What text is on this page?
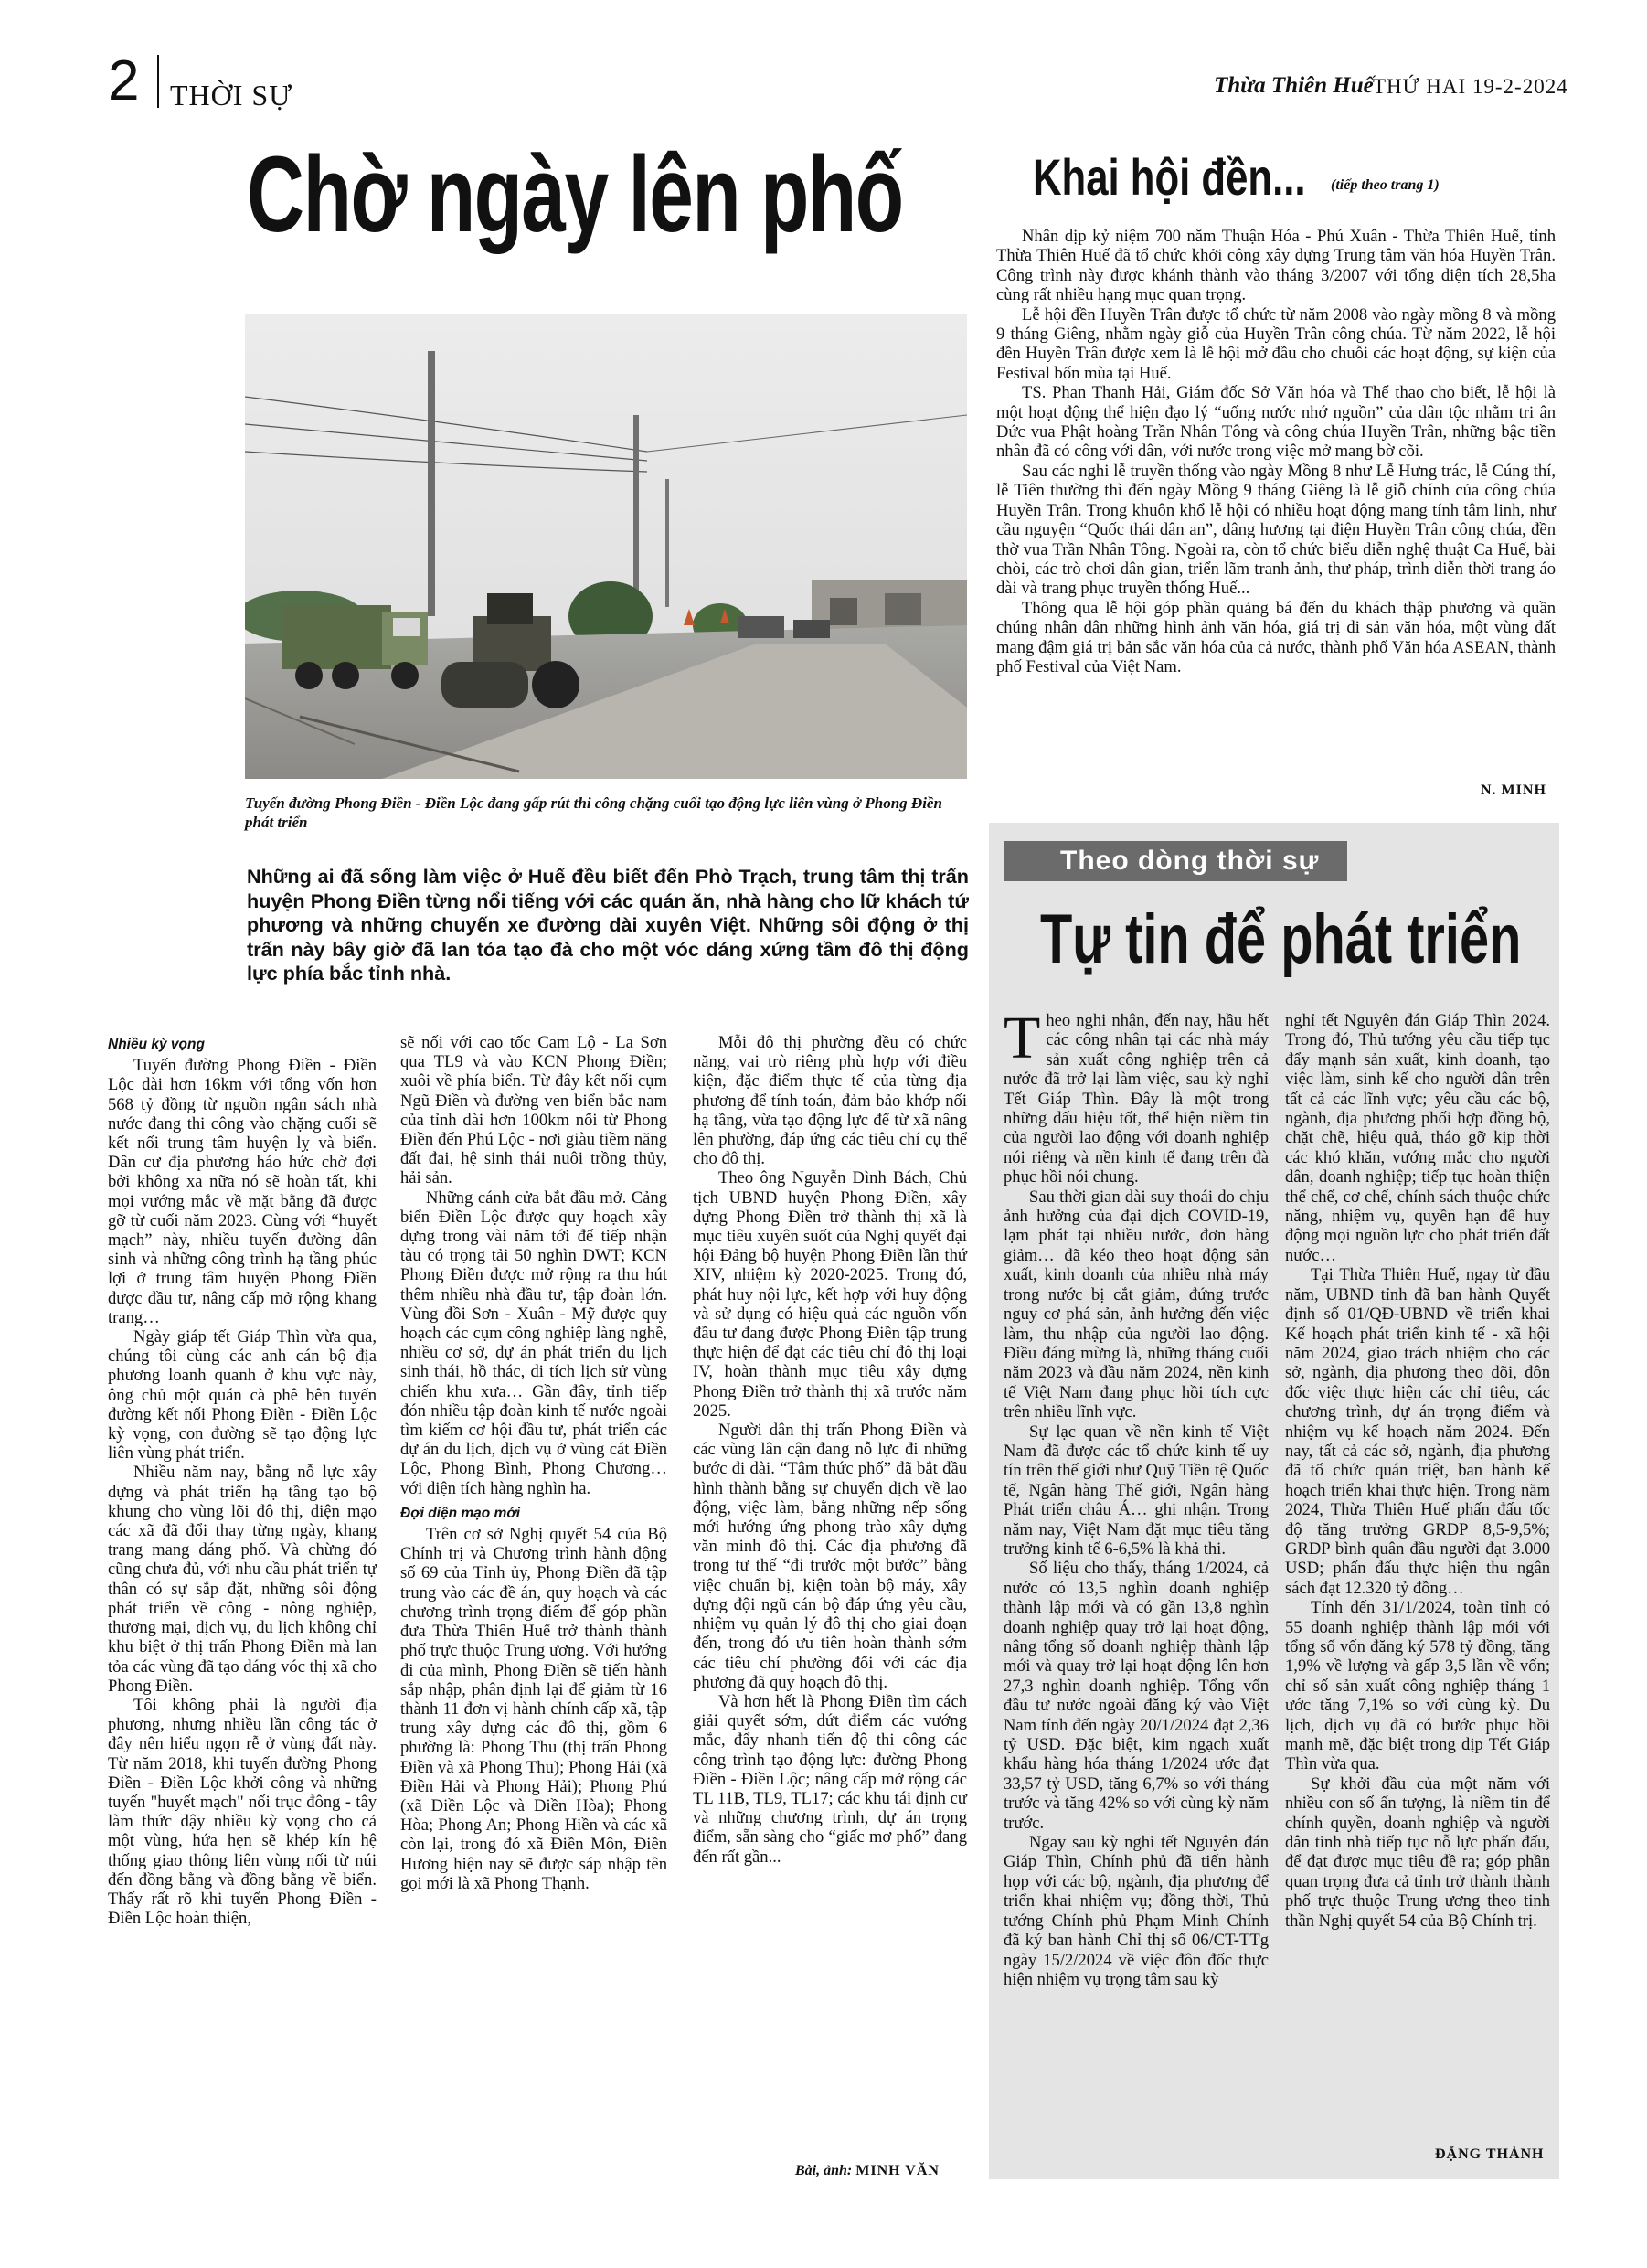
2 THỜI SỰ	Thừa Thiên Huế THỨ HAI 19-2-2024
Chờ ngày lên phố
Tuyến đường Phong Điền - Điền Lộc đang gấp rút thi công chặng cuối tạo động lực liên vùng ở Phong Điền phát triển
Những ai đã sống làm việc ở Huế đều biết đến Phò Trạch, trung tâm thị trấn huyện Phong Điền từng nổi tiếng với các quán ăn, nhà hàng cho lữ khách tứ phương và những chuyến xe đường dài xuyên Việt. Những sôi động ở thị trấn này bây giờ đã lan tỏa tạo đà cho một vóc dáng xứng tầm đô thị động lực phía bắc tỉnh nhà.

Nhiều kỳ vọng

Tuyến đường Phong Điền - Điền Lộc dài hơn 16km với tổng vốn hơn 568 tỷ đồng từ nguồn ngân sách nhà nước đang thi công vào chặng cuối sẽ kết nối trung tâm huyện lỵ và biển. Dân cư địa phương háo hức chờ đợi bởi không xa nữa nó sẽ hoàn tất, khi mọi vướng mắc về mặt bằng đã được gỡ từ cuối năm 2023. Cùng với “huyết mạch” này, nhiều tuyến đường dân sinh và những công trình hạ tầng phúc lợi ở trung tâm huyện Phong Điền được đầu tư, nâng cấp mở rộng khang trang…

Ngày giáp tết Giáp Thìn vừa qua, chúng tôi cùng các anh cán bộ địa phương loanh quanh ở khu vực này, ông chủ một quán cà phê bên tuyến đường kết nối Phong Điền - Điền Lộc kỳ vọng, con đường sẽ tạo động lực liên vùng phát triển.

Nhiều năm nay, bằng nỗ lực xây dựng và phát triển hạ tầng tạo bộ khung cho vùng lõi đô thị, diện mạo các xã đã đổi thay từng ngày, khang trang mang dáng phố. Và chừng đó cũng chưa đủ, với nhu cầu phát triển tự thân có sự sắp đặt, những sôi động phát triển về công - nông nghiệp, thương mại, dịch vụ, du lịch không chỉ khu biệt ở thị trấn Phong Điền mà lan tỏa các vùng đã tạo dáng vóc thị xã cho Phong Điền.

Tôi không phải là người địa phương, nhưng nhiều lần công tác ở đây nên hiểu ngọn rễ ở vùng đất này. Từ năm 2018, khi tuyến đường Phong Điền - Điền Lộc khởi công và những tuyến "huyết mạch" nối trục đông - tây làm thức dậy nhiều kỳ vọng cho cả một vùng, hứa hẹn sẽ khép kín hệ thống giao thông liên vùng nối từ núi đến đồng bằng và đồng bằng về biển. Thấy rất rõ khi tuyến Phong Điền - Điền Lộc hoàn thiện,

sẽ nối với cao tốc Cam Lộ - La Sơn qua TL9 và vào KCN Phong Điền; xuôi về phía biển. Từ đây kết nối cụm Ngũ Điền và đường ven biển bắc nam của tỉnh dài hơn 100km nối từ Phong Điền đến Phú Lộc - nơi giàu tiềm năng đất đai, hệ sinh thái nuôi trồng thủy, hải sản.

Những cánh cửa bắt đầu mở. Cảng biển Điền Lộc được quy hoạch xây dựng trong vài năm tới để tiếp nhận tàu có trọng tải 50 nghìn DWT; KCN Phong Điền được mở rộng ra thu hút thêm nhiều nhà đầu tư, tập đoàn lớn. Vùng đồi Sơn - Xuân - Mỹ được quy hoạch các cụm công nghiệp làng nghề, nhiều cơ sở, dự án phát triển du lịch sinh thái, hồ thác, di tích lịch sử vùng chiến khu xưa… Gần đây, tỉnh tiếp đón nhiều tập đoàn kinh tế nước ngoài tìm kiếm cơ hội đầu tư, phát triển các dự án du lịch, dịch vụ ở vùng cát Điền Lộc, Phong Bình, Phong Chương… với diện tích hàng nghìn ha.

Đợi diện mạo mới

Trên cơ sở Nghị quyết 54 của Bộ Chính trị và Chương trình hành động số 69 của Tỉnh ủy, Phong Điền đã tập trung vào các đề án, quy hoạch và các chương trình trọng điểm để góp phần đưa Thừa Thiên Huế trở thành thành phố trực thuộc Trung ương. Với hướng đi của mình, Phong Điền sẽ tiến hành sắp nhập, phân định lại để giảm từ 16 thành 11 đơn vị hành chính cấp xã, tập trung xây dựng các đô thị, gồm 6 phường là: Phong Thu (thị trấn Phong Điền và xã Phong Thu); Phong Hải (xã Điền Hải và Phong Hải); Phong Phú (xã Điền Lộc và Điền Hòa); Phong Hòa; Phong An; Phong Hiền và các xã còn lại, trong đó xã Điền Môn, Điền Hương hiện nay sẽ được sáp nhập tên gọi mới là xã Phong Thạnh.

Mỗi đô thị phường đều có chức năng, vai trò riêng phù hợp với điều kiện, đặc điểm thực tế của từng địa phương để tính toán, đảm bảo khớp nối hạ tầng, vừa tạo động lực để từ xã nâng lên phường, đáp ứng các tiêu chí cụ thể cho đô thị.

Theo ông Nguyễn Đình Bách, Chủ tịch UBND huyện Phong Điền, xây dựng Phong Điền trở thành thị xã là mục tiêu xuyên suốt của Nghị quyết đại hội Đảng bộ huyện Phong Điền lần thứ XIV, nhiệm kỳ 2020-2025. Trong đó, phát huy nội lực, kết hợp với huy động và sử dụng có hiệu quả các nguồn vốn đầu tư đang được Phong Điền tập trung thực hiện để đạt các tiêu chí đô thị loại IV, hoàn thành mục tiêu xây dựng Phong Điền trở thành thị xã trước năm 2025.

Người dân thị trấn Phong Điền và các vùng lân cận đang nỗ lực đi những bước đi dài. “Tâm thức phố” đã bắt đầu hình thành bằng sự chuyển dịch về lao động, việc làm, bằng những nếp sống mới hướng ứng phong trào xây dựng văn minh đô thị. Các địa phương đã trong tư thế “đi trước một bước” bằng việc chuẩn bị, kiện toàn bộ máy, xây dựng đội ngũ cán bộ đáp ứng yêu cầu, nhiệm vụ quản lý đô thị cho giai đoạn đến, trong đó ưu tiên hoàn thành sớm các tiêu chí phường đối với các địa phương đã quy hoạch đô thị.

Và hơn hết là Phong Điền tìm cách giải quyết sớm, dứt điểm các vướng mắc, đẩy nhanh tiến độ thi công các công trình tạo động lực: đường Phong Điền - Điền Lộc; nâng cấp mở rộng các TL 11B, TL9, TL17; các khu tái định cư và những chương trình, dự án trọng điểm, sẵn sàng cho “giấc mơ phố” đang đến rất gần...

Bài, ảnh: MINH VĂN
Khai hội đền... (tiếp theo trang 1)

Nhân dịp kỷ niệm 700 năm Thuận Hóa - Phú Xuân - Thừa Thiên Huế, tỉnh Thừa Thiên Huế đã tổ chức khởi công xây dựng Trung tâm văn hóa Huyền Trân. Công trình này được khánh thành vào tháng 3/2007 với tổng diện tích 28,5ha cùng rất nhiều hạng mục quan trọng.

Lễ hội đền Huyền Trân được tổ chức từ năm 2008 vào ngày mồng 8 và mồng 9 tháng Giêng, nhằm ngày giỗ của Huyền Trân công chúa. Từ năm 2022, lễ hội đền Huyền Trân được xem là lễ hội mở đầu cho chuỗi các hoạt động, sự kiện của Festival bốn mùa tại Huế.

TS. Phan Thanh Hải, Giám đốc Sở Văn hóa và Thể thao cho biết, lễ hội là một hoạt động thể hiện đạo lý “uống nước nhớ nguồn” của dân tộc nhằm tri ân Đức vua Phật hoàng Trần Nhân Tông và công chúa Huyền Trân, những bậc tiền nhân đã có công với dân, với nước trong việc mở mang bờ cõi.

Sau các nghi lễ truyền thống vào ngày Mồng 8 như Lễ Hưng trác, lễ Cúng thí, lễ Tiên thường thì đến ngày Mồng 9 tháng Giêng là lễ giỗ chính của công chúa Huyền Trân. Trong khuôn khổ lễ hội có nhiều hoạt động mang tính tâm linh, như cầu nguyện “Quốc thái dân an”, dâng hương tại điện Huyền Trân công chúa, đền thờ vua Trần Nhân Tông. Ngoài ra, còn tổ chức biểu diễn nghệ thuật Ca Huế, bài chòi, các trò chơi dân gian, triển lãm tranh ảnh, thư pháp, trình diễn thời trang áo dài và trang phục truyền thống Huế...

Thông qua lễ hội góp phần quảng bá đến du khách thập phương và quần chúng nhân dân những hình ảnh văn hóa, giá trị di sản văn hóa, một vùng đất mang đậm giá trị bản sắc văn hóa của cả nước, thành phố Văn hóa ASEAN, thành phố Festival của Việt Nam.

N. MINH
Theo dòng thời sự
Tự tin để phát triển

Theo nghi nhận, đến nay, hầu hết các công nhân tại các nhà máy sản xuất công nghiệp trên cả nước đã trở lại làm việc, sau kỳ nghỉ Tết Giáp Thìn. Đây là một trong những dấu hiệu tốt, thể hiện niềm tin của người lao động với doanh nghiệp nói riêng và nền kinh tế đang trên đà phục hồi nói chung.

Sau thời gian dài suy thoái do chịu ảnh hưởng của đại dịch COVID-19, lạm phát tại nhiều nước, đơn hàng giảm… đã kéo theo hoạt động sản xuất, kinh doanh của nhiều nhà máy trong nước bị cắt giảm, đứng trước nguy cơ phá sản, ảnh hưởng đến việc làm, thu nhập của người lao động. Điều đáng mừng là, những tháng cuối năm 2023 và đầu năm 2024, nền kinh tế Việt Nam đang phục hồi tích cực trên nhiều lĩnh vực.

Sự lạc quan về nền kinh tế Việt Nam đã được các tổ chức kinh tế uy tín trên thế giới như Quỹ Tiền tệ Quốc tế, Ngân hàng Thế giới, Ngân hàng Phát triển châu Á… ghi nhận. Trong năm nay, Việt Nam đặt mục tiêu tăng trưởng kinh tế 6-6,5% là khả thi.

Số liệu cho thấy, tháng 1/2024, cả nước có 13,5 nghìn doanh nghiệp thành lập mới và có gần 13,8 nghìn doanh nghiệp quay trở lại hoạt động, nâng tổng số doanh nghiệp thành lập mới và quay trở lại hoạt động lên hơn 27,3 nghìn doanh nghiệp. Tổng vốn đầu tư nước ngoài đăng ký vào Việt Nam tính đến ngày 20/1/2024 đạt 2,36 tỷ USD. Đặc biệt, kim ngạch xuất khẩu hàng hóa tháng 1/2024 ước đạt 33,57 tỷ USD, tăng 6,7% so với tháng trước và tăng 42% so với cùng kỳ năm trước.

Ngay sau kỳ nghỉ tết Nguyên đán Giáp Thìn, Chính phủ đã tiến hành họp với các bộ, ngành, địa phương để triển khai nhiệm vụ; đồng thời, Thủ tướng Chính phủ Phạm Minh Chính đã ký ban hành Chỉ thị số 06/CT-TTg ngày 15/2/2024 về việc đôn đốc thực hiện nhiệm vụ trọng tâm sau kỳ

nghỉ tết Nguyên đán Giáp Thìn 2024. Trong đó, Thủ tướng yêu cầu tiếp tục đẩy mạnh sản xuất, kinh doanh, tạo việc làm, sinh kế cho người dân trên tất cả các lĩnh vực; yêu cầu các bộ, ngành, địa phương phối hợp đồng bộ, chặt chẽ, hiệu quả, tháo gỡ kịp thời các khó khăn, vướng mắc cho người dân, doanh nghiệp; tiếp tục hoàn thiện thể chế, cơ chế, chính sách thuộc chức năng, nhiệm vụ, quyền hạn để huy động mọi nguồn lực cho phát triển đất nước…

Tại Thừa Thiên Huế, ngay từ đầu năm, UBND tỉnh đã ban hành Quyết định số 01/QĐ-UBND về triển khai Kế hoạch phát triển kinh tế - xã hội năm 2024, giao trách nhiệm cho các sở, ngành, địa phương theo dõi, đôn đốc việc thực hiện các chỉ tiêu, các chương trình, dự án trọng điểm và nhiệm vụ kế hoạch năm 2024. Đến nay, tất cả các sở, ngành, địa phương đã tổ chức quán triệt, ban hành kế hoạch triển khai thực hiện. Trong năm 2024, Thừa Thiên Huế phấn đấu tốc độ tăng trưởng GRDP 8,5-9,5%; GRDP bình quân đầu người đạt 3.000 USD; phấn đấu thực hiện thu ngân sách đạt 12.320 tỷ đồng…

Tính đến 31/1/2024, toàn tỉnh có 55 doanh nghiệp thành lập mới với tổng số vốn đăng ký 578 tỷ đồng, tăng 1,9% về lượng và gấp 3,5 lần về vốn; chỉ số sản xuất công nghiệp tháng 1 ước tăng 7,1% so với cùng kỳ. Du lịch, dịch vụ đã có bước phục hồi mạnh mẽ, đặc biệt trong dịp Tết Giáp Thìn vừa qua.

Sự khởi đầu của một năm với nhiều con số ấn tượng, là niềm tin để chính quyền, doanh nghiệp và người dân tỉnh nhà tiếp tục nỗ lực phấn đấu, để đạt được mục tiêu đề ra; góp phần quan trọng đưa cả tỉnh trở thành thành phố trực thuộc Trung ương theo tinh thần Nghị quyết 54 của Bộ Chính trị.

ĐẶNG THÀNH
